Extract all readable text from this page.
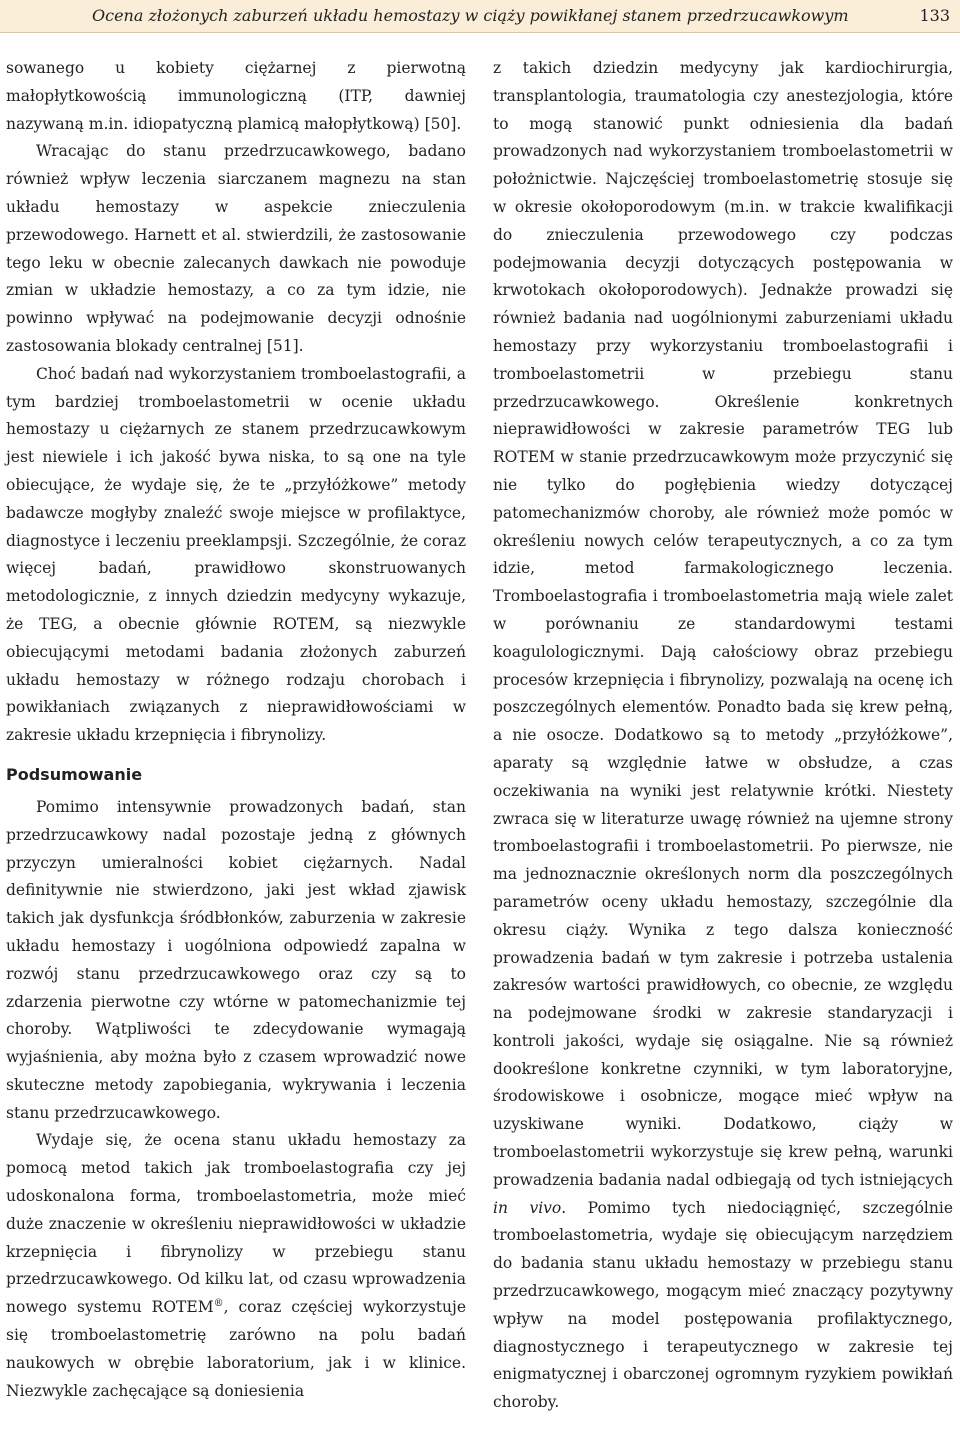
Ocena złożonych zaburzeń układu hemostazy w ciąży powikłanej stanem przedrzucawkowym	133

sowanego u kobiety ciężarnej z pierwotną małopłytkowością immunologiczną (ITP, dawniej nazywaną m.in. idiopatyczną plamicą małopłytkową) [50].

Wracając do stanu przedrzucawkowego, badano również wpływ leczenia siarczanem magnezu na stan układu hemostazy w aspekcie znieczulenia przewodowego. Harnett et al. stwierdzili, że zastosowanie tego leku w obecnie zalecanych dawkach nie powoduje zmian w układzie hemostazy, a co za tym idzie, nie powinno wpływać na podejmowanie decyzji odnośnie zastosowania blokady centralnej [51].

Choć badań nad wykorzystaniem tromboelastografii, a tym bardziej tromboelastometrii w ocenie układu hemostazy u ciężarnych ze stanem przedrzucawkowym jest niewiele i ich jakość bywa niska, to są one na tyle obiecujące, że wydaje się, że te „przyłóżkowe” metody badawcze mogłyby znaleźć swoje miejsce w profilaktyce, diagnostyce i leczeniu preeklampsji. Szczególnie, że coraz więcej badań, prawidłowo skonstruowanych metodologicznie, z innych dziedzin medycyny wykazuje, że TEG, a obecnie głównie ROTEM, są niezwykle obiecującymi metodami badania złożonych zaburzeń układu hemostazy w różnego rodzaju chorobach i powikłaniach związanych z nieprawidłowościami w zakresie układu krzepnięcia i fibrynolizy.

Podsumowanie

Pomimo intensywnie prowadzonych badań, stan przedrzucawkowy nadal pozostaje jedną z głównych przyczyn umieralności kobiet ciężarnych. Nadal definitywnie nie stwierdzono, jaki jest wkład zjawisk takich jak dysfunkcja śródbłonków, zaburzenia w zakresie układu hemostazy i uogólniona odpowiedź zapalna w rozwój stanu przedrzucawkowego oraz czy są to zdarzenia pierwotne czy wtórne w patomechanizmie tej choroby. Wątpliwości te zdecydowanie wymagają wyjaśnienia, aby można było z czasem wprowadzić nowe skuteczne metody zapobiegania, wykrywania i leczenia stanu przedrzucawkowego.

Wydaje się, że ocena stanu układu hemostazy za pomocą metod takich jak tromboelastografia czy jej udoskonalona forma, tromboelastometria, może mieć duże znaczenie w określeniu nieprawidłowości w układzie krzepnięcia i fibrynolizy w przebiegu stanu przedrzucawkowego. Od kilku lat, od czasu wprowadzenia nowego systemu ROTEM®, coraz częściej wykorzystuje się tromboelastometrię zarówno na polu badań naukowych w obrębie laboratorium, jak i w klinice. Niezwykle zachęcające są doniesienia

z takich dziedzin medycyny jak kardiochirurgia, transplantologia, traumatologia czy anestezjologia, które to mogą stanowić punkt odniesienia dla badań prowadzonych nad wykorzystaniem tromboelastometrii w położnictwie. Najczęściej tromboelastometrię stosuje się w okresie okołoporodowym (m.in. w trakcie kwalifikacji do znieczulenia przewodowego czy podczas podejmowania decyzji dotyczących postępowania w krwotokach okołoporodowych). Jednakże prowadzi się również badania nad uogólnionymi zaburzeniami układu hemostazy przy wykorzystaniu tromboelastografii i tromboelastometrii w przebiegu stanu przedrzucawkowego. Określenie konkretnych nieprawidłowości w zakresie parametrów TEG lub ROTEM w stanie przedrzucawkowym może przyczynić się nie tylko do pogłębienia wiedzy dotyczącej patomechanizmów choroby, ale również może pomóc w określeniu nowych celów terapeutycznych, a co za tym idzie, metod farmakologicznego leczenia. Tromboelastografia i tromboelastometria mają wiele zalet w porównaniu ze standardowymi testami koagulologicznymi. Dają całościowy obraz przebiegu procesów krzepnięcia i fibrynolizy, pozwalają na ocenę ich poszczególnych elementów. Ponadto bada się krew pełną, a nie osocze. Dodatkowo są to metody „przyłóżkowe”, aparaty są względnie łatwe w obsłudze, a czas oczekiwania na wyniki jest relatywnie krótki. Niestety zwraca się w literaturze uwagę również na ujemne strony tromboelastografii i tromboelastometrii. Po pierwsze, nie ma jednoznacznie określonych norm dla poszczególnych parametrów oceny układu hemostazy, szczególnie dla okresu ciąży. Wynika z tego dalsza konieczność prowadzenia badań w tym zakresie i potrzeba ustalenia zakresów wartości prawidłowych, co obecnie, ze względu na podejmowane środki w zakresie standaryzacji i kontroli jakości, wydaje się osiągalne. Nie są również dookreślone konkretne czynniki, w tym laboratoryjne, środowiskowe i osobnicze, mogące mieć wpływ na uzyskiwane wyniki. Dodatkowo, ciąży w tromboelastometrii wykorzystuje się krew pełną, warunki prowadzenia badania nadal odbiegają od tych istniejących in vivo. Pomimo tych niedociągnięć, szczególnie tromboelastometria, wydaje się obiecującym narzędziem do badania stanu układu hemostazy w przebiegu stanu przedrzucawkowego, mogącym mieć znaczący pozytywny wpływ na model postępowania profilaktycznego, diagnostycznego i terapeutycznego w zakresie tej enigmatycznej i obarczonej ogromnym ryzykiem powikłań choroby.
